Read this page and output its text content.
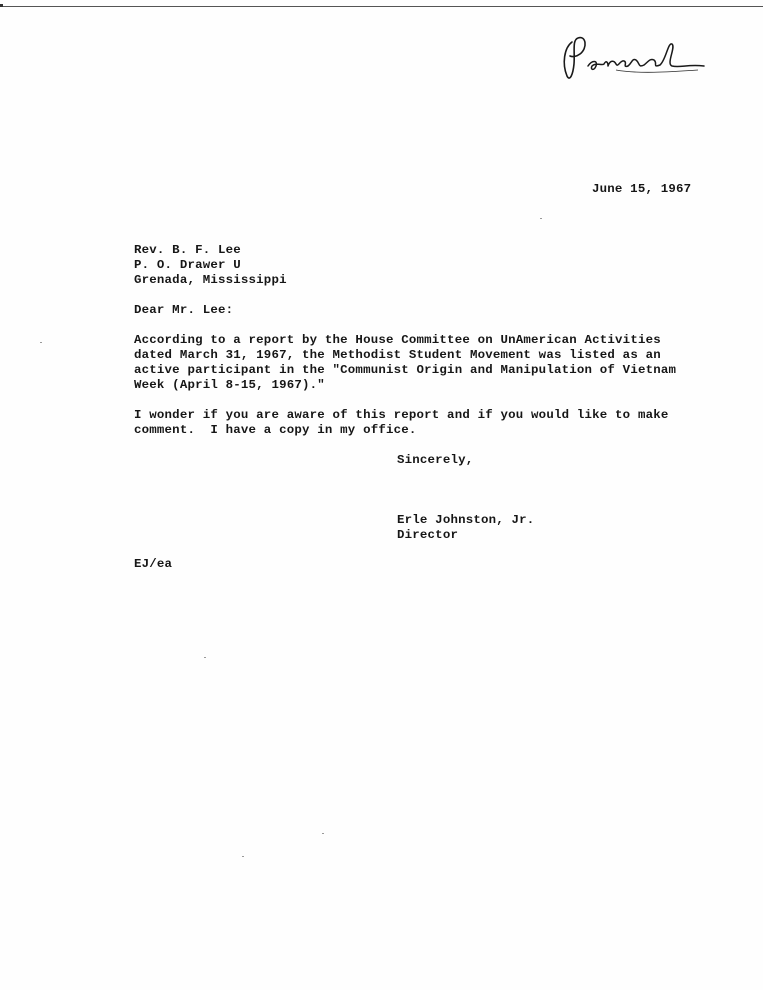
June 15, 1967

Rev. B. F. Lee

P. O. Drawer U

Grenada, Mississippi

Dear Mr. Lee:

According to a report by the House Committee on UnAmerican Activities

dated March 31, 1967, the Methodist Student Movement was listed as an

active participant in the "Communist Origin and Manipulation of Vietnam

Week (April 8-15, 1967)."

I wonder if you are aware of this report and if you would like to make

comment.  I have a copy in my office.

Sincerely,

Erle Johnston, Jr.

Director

EJ/ea
